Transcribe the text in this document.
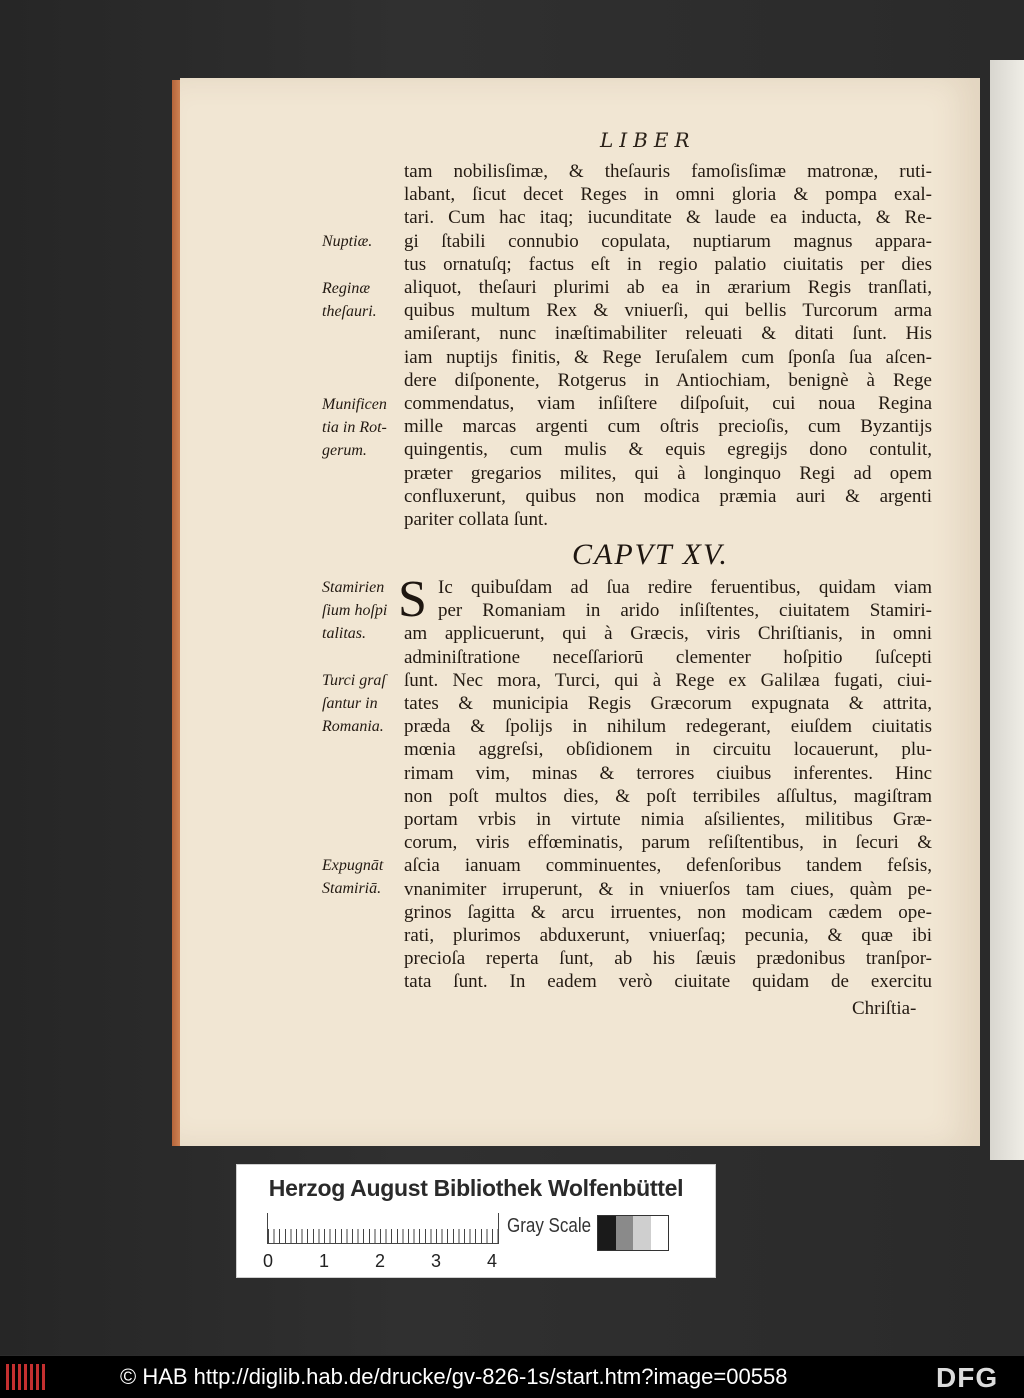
LIBER
tam nobilisſimæ, & theſauris famoſisſimæ matronæ, ruti-
labant, ſicut decet Reges in omni gloria & pompa exal-
tari. Cum hac itaq; iucunditate & laude ea inducta, & Re-
gi ſtabili connubio copulata, nuptiarum magnus appara-
tus ornatuſq; factus eſt in regio palatio ciuitatis per dies
aliquot, theſauri plurimi ab ea in ærarium Regis tranſlati,
quibus multum Rex & vniuerſi, qui bellis Turcorum arma
amiſerant, nunc inæſtimabiliter releuati & ditati ſunt. His
iam nuptijs finitis, & Rege Ieruſalem cum ſponſa ſua aſcen-
dere diſponente, Rotgerus in Antiochiam, benignè à Rege
commendatus, viam inſiſtere diſpoſuit, cui noua Regina
mille marcas argenti cum oſtris precioſis, cum Byzantijs
quingentis, cum mulis & equis egregijs dono contulit,
præter gregarios milites, qui à longinquo Regi ad opem
confluxerunt, quibus non modica præmia auri & argenti
pariter collata ſunt.
CAPVT XV.
S Ic quibuſdam ad ſua redire feruentibus, quidam viam
per Romaniam in arido inſiſtentes, ciuitatem Stamiri-
am applicuerunt, qui à Græcis, viris Chriſtianis, in omni
adminiſtratione neceſſariorū clementer hoſpitio ſuſcepti
ſunt. Nec mora, Turci, qui à Rege ex Galilæa fugati, ciui-
tates & municipia Regis Græcorum expugnata & attrita,
præda & ſpolijs in nihilum redegerant, eiuſdem ciuitatis
mœnia aggreſsi, obſidionem in circuitu locauerunt, plu-
rimam vim, minas & terrores ciuibus inferentes. Hinc
non poſt multos dies, & poſt terribiles aſſultus, magiſtram
portam vrbis in virtute nimia aſsilientes, militibus Græ-
corum, viris effœminatis, parum reſiſtentibus, in ſecuri &
aſcia ianuam comminuentes, defenſoribus tandem feſsis,
vnanimiter irruperunt, & in vniuerſos tam ciues, quàm pe-
grinos ſagitta & arcu irruentes, non modicam cædem ope-
rati, plurimos abduxerunt, vniuerſaq; pecunia, & quæ ibi
precioſa reperta ſunt, ab his ſæuis prædonibus tranſpor-
tata ſunt. In eadem verò ciuitate quidam de exercitu
Chriſtia-
Nuptiæ.
Reginæ
theſauri.
Munificen
tia in Rot-
gerum.
Stamirien
ſium hoſpi
talitas.
Turci graſ
ſantur in
Romania.
Expugnāt
Stamiriā.
Herzog August Bibliothek Wolfenbüttel
0	1	2	3	4
Gray Scale
© HAB http://diglib.hab.de/drucke/gv-826-1s/start.htm?image=00558	DFG
